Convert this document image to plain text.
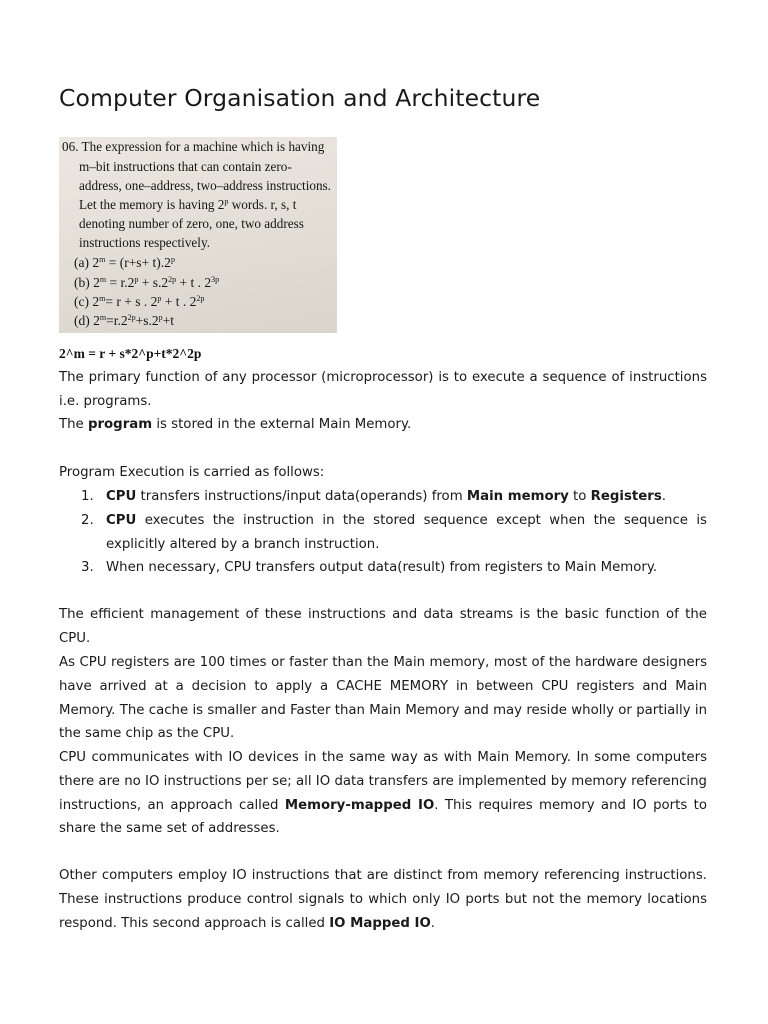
Computer Organisation and Architecture
06. The expression for a machine which is having
m–bit instructions that can contain zero-
address, one–address, two–address instructions.
Let the memory is having 2$^p$ words. r, s, t
denoting number of zero, one, two address
instructions respectively.
(a) $2^m = (r+s+ t).2^p$
(b) $2^m = r.2^p + s.2^{2p} + t$ . $2^{3p}$
(c) $2^m= r + s$ . $2^p + t$ . $2^{2p}$
(d) $2^m=r.2^{2p}+s.2^p+t$
2^m = r + s*2^p+t*2^2p

The primary function of any processor (microprocessor) is to execute a sequence of instructions i.e. programs.

The program is stored in the external Main Memory.

Program Execution is carried as follows:

1. CPU transfers instructions/input data(operands) from Main memory to Registers.
2. CPU executes the instruction in the stored sequence except when the sequence is explicitly altered by a branch instruction.
3. When necessary, CPU transfers output data(result) from registers to Main Memory.

The efficient management of these instructions and data streams is the basic function of the CPU.

As CPU registers are 100 times or faster than the Main memory, most of the hardware designers have arrived at a decision to apply a CACHE MEMORY in between CPU registers and Main Memory. The cache is smaller and Faster than Main Memory and may reside wholly or partially in the same chip as the CPU.

CPU communicates with IO devices in the same way as with Main Memory. In some computers there are no IO instructions per se; all IO data transfers are implemented by memory referencing instructions, an approach called Memory-mapped IO. This requires memory and IO ports to share the same set of addresses.

Other computers employ IO instructions that are distinct from memory referencing instructions. These instructions produce control signals to which only IO ports but not the memory locations respond. This second approach is called IO Mapped IO.
